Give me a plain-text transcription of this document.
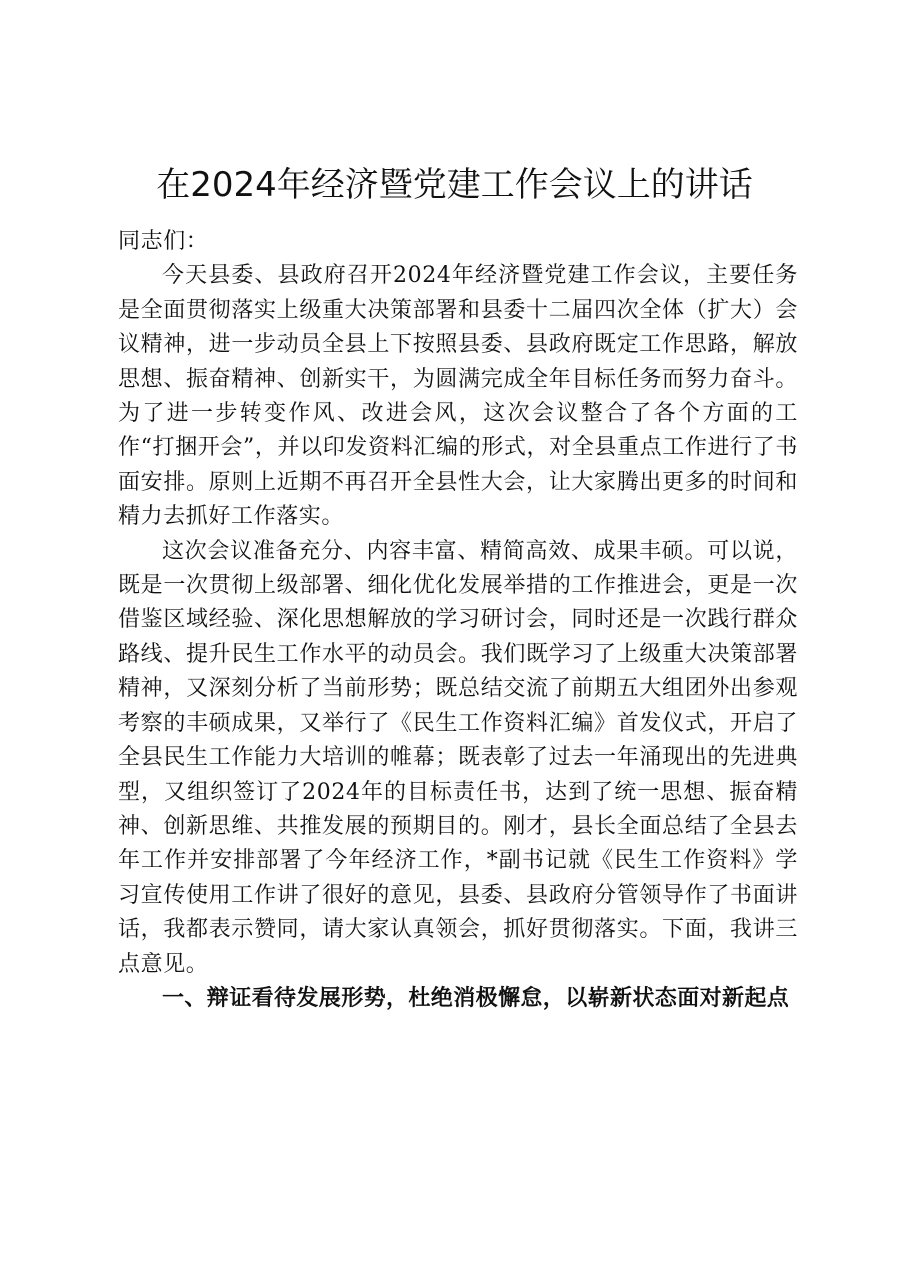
在2024年经济暨党建工作会议上的讲话

同志们：

今天县委、县政府召开2024年经济暨党建工作会议，主要任务是全面贯彻落实上级重大决策部署和县委十二届四次全体（扩大）会议精神，进一步动员全县上下按照县委、县政府既定工作思路，解放思想、振奋精神、创新实干，为圆满完成全年目标任务而努力奋斗。为了进一步转变作风、改进会风，这次会议整合了各个方面的工作“打捆开会”，并以印发资料汇编的形式，对全县重点工作进行了书面安排。原则上近期不再召开全县性大会，让大家腾出更多的时间和精力去抓好工作落实。

这次会议准备充分、内容丰富、精简高效、成果丰硕。可以说，既是一次贯彻上级部署、细化优化发展举措的工作推进会，更是一次借鉴区域经验、深化思想解放的学习研讨会，同时还是一次践行群众路线、提升民生工作水平的动员会。我们既学习了上级重大决策部署精神，又深刻分析了当前形势；既总结交流了前期五大组团外出参观考察的丰硕成果，又举行了《民生工作资料汇编》首发仪式，开启了全县民生工作能力大培训的帷幕；既表彰了过去一年涌现出的先进典型，又组织签订了2024年的目标责任书，达到了统一思想、振奋精神、创新思维、共推发展的预期目的。刚才，县长全面总结了全县去年工作并安排部署了今年经济工作，*副书记就《民生工作资料》学习宣传使用工作讲了很好的意见，县委、县政府分管领导作了书面讲话，我都表示赞同，请大家认真领会，抓好贯彻落实。下面，我讲三点意见。

一、辩证看待发展形势，杜绝消极懈怠，以崭新状态面对新起点
